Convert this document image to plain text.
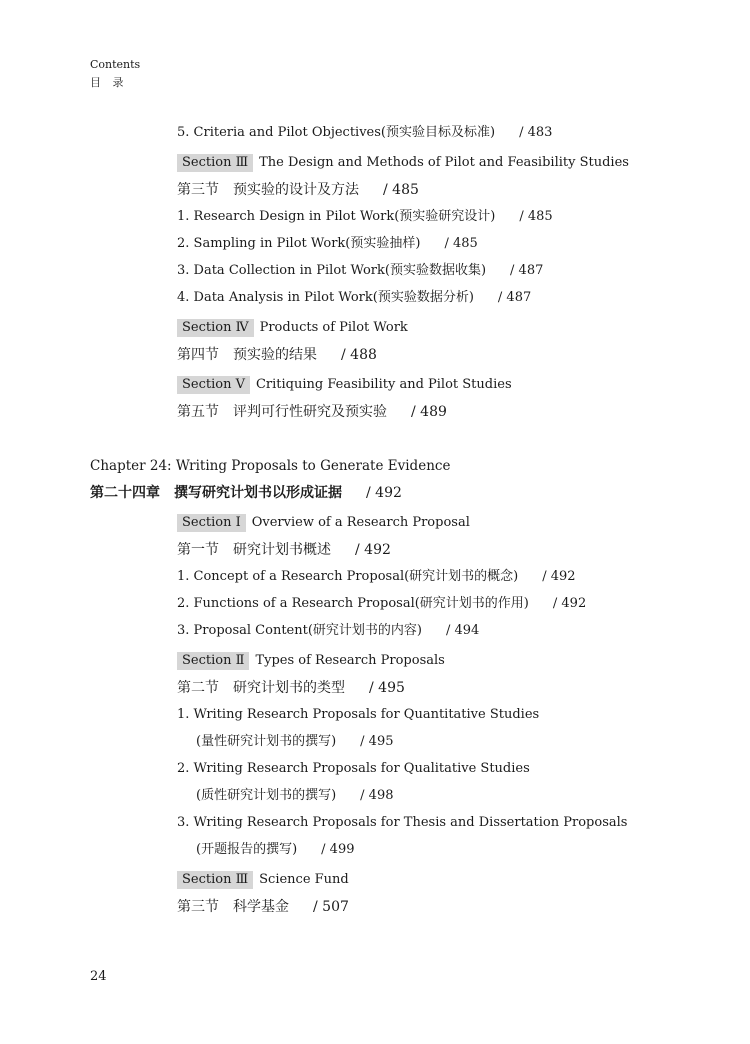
Contents
目 录
5. Criteria and Pilot Objectives(预实验目标及标准) / 483
Section Ⅲ The Design and Methods of Pilot and Feasibility Studies
第三节 预实验的设计及方法 / 485
1. Research Design in Pilot Work(预实验研究设计) / 485
2. Sampling in Pilot Work(预实验抽样) / 485
3. Data Collection in Pilot Work(预实验数据收集) / 487
4. Data Analysis in Pilot Work(预实验数据分析) / 487
Section Ⅳ Products of Pilot Work
第四节 预实验的结果 / 488
Section Ⅴ Critiquing Feasibility and Pilot Studies
第五节 评判可行性研究及预实验 / 489
Chapter 24: Writing Proposals to Generate Evidence
第二十四章 撰写研究计划书以形成证据 / 492
Section Ⅰ Overview of a Research Proposal
第一节 研究计划书概述 / 492
1. Concept of a Research Proposal(研究计划书的概念) / 492
2. Functions of a Research Proposal(研究计划书的作用) / 492
3. Proposal Content(研究计划书的内容) / 494
Section Ⅱ Types of Research Proposals
第二节 研究计划书的类型 / 495
1. Writing Research Proposals for Quantitative Studies
(量性研究计划书的撰写) / 495
2. Writing Research Proposals for Qualitative Studies
(质性研究计划书的撰写) / 498
3. Writing Research Proposals for Thesis and Dissertation Proposals
(开题报告的撰写) / 499
Section Ⅲ Science Fund
第三节 科学基金 / 507
24
